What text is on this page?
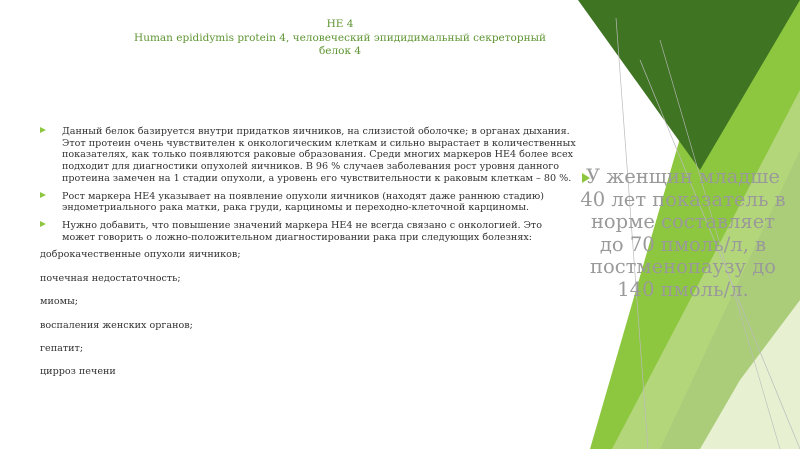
НЕ 4
Human epididymis protein 4, человеческий эпидидимальный секреторный
белок 4
Данный белок базируется внутри придатков яичников, на слизистой оболочке; в органах дыхания. Этот протеин очень чувствителен к онкологическим клеткам и сильно вырастает в количественных показателях, как только появляются раковые образования. Среди многих маркеров НЕ4 более всех подходит для диагностики опухолей яичников. В 96 % случаев заболевания рост уровня данного протеина замечен на 1 стадии опухоли, а уровень его чувствительности к раковым клеткам – 80 %.
Рост маркера НЕ4 указывает на появление опухоли яичников (находят даже раннюю стадию) эндометриального рака матки, рака груди, карциномы и переходно-клеточной карциномы.
Нужно добавить, что повышение значений маркера НЕ4 не всегда связано с онкологией. Это может говорить о ложно-положительном диагностировании рака при следующих болезнях:
доброкачественные опухоли яичников;
почечная недостаточность;
миомы;
воспаления женских органов;
гепатит;
цирроз печени
У женщин младше 40 лет показатель в норме составляет до 70 пмоль/л, в постменопаузу до 140 пмоль/л.
